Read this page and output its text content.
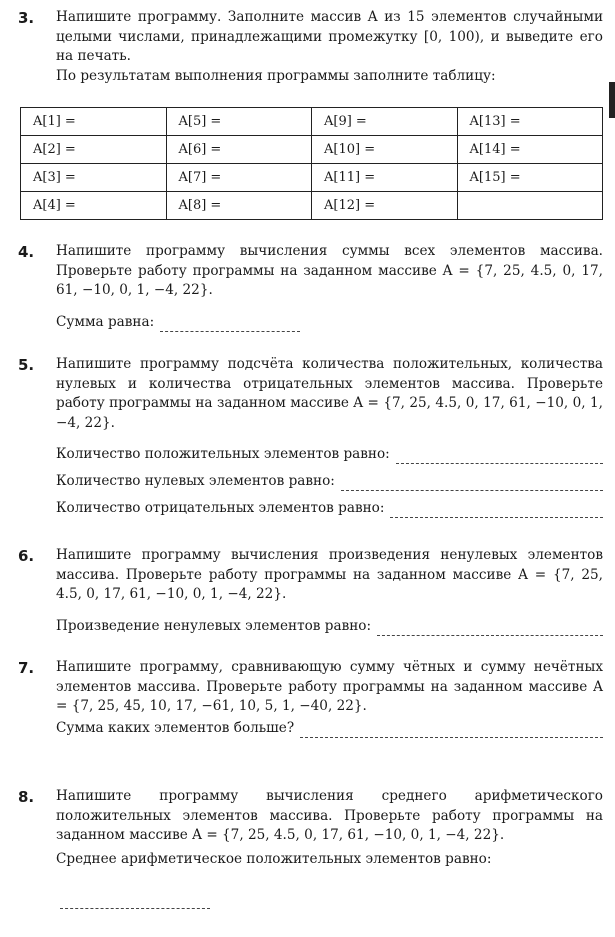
3. Напишите программу. Заполните массив A из 15 элементов случайными целыми числами, принадлежащими промежутку [0, 100), и выведите его на печать.

По результатам выполнения программы заполните таблицу:

A[1] =	A[5] =	A[9] =	A[13] =
A[2] =	A[6] =	A[10] =	A[14] =
A[3] =	A[7] =	A[11] =	A[15] =
A[4] =	A[8] =	A[12] =	
4. Напишите программу вычисления суммы всех элементов массива. Проверьте работу программы на заданном массиве A = {7, 25, 4.5, 0, 17, 61, −10, 0, 1, −4, 22}.

Сумма равна:
5. Напишите программу подсчёта количества положительных, количества нулевых и количества отрицательных элементов массива. Проверьте работу программы на заданном массиве A = {7, 25, 4.5, 0, 17, 61, −10, 0, 1, −4, 22}.

Количество положительных элементов равно:
Количество нулевых элементов равно:
Количество отрицательных элементов равно:
6. Напишите программу вычисления произведения ненулевых элементов массива. Проверьте работу программы на заданном массиве A = {7, 25, 4.5, 0, 17, 61, −10, 0, 1, −4, 22}.

Произведение ненулевых элементов равно:
7. Напишите программу, сравнивающую сумму чётных и сумму нечётных элементов массива. Проверьте работу программы на заданном массиве A = {7, 25, 45, 10, 17, −61, 10, 5, 1, −40, 22}.

Сумма каких элементов больше?
8. Напишите программу вычисления среднего арифметического положительных элементов массива. Проверьте работу программы на заданном массиве A = {7, 25, 4.5, 0, 17, 61, −10, 0, 1, −4, 22}.

Среднее арифметическое положительных элементов равно:
